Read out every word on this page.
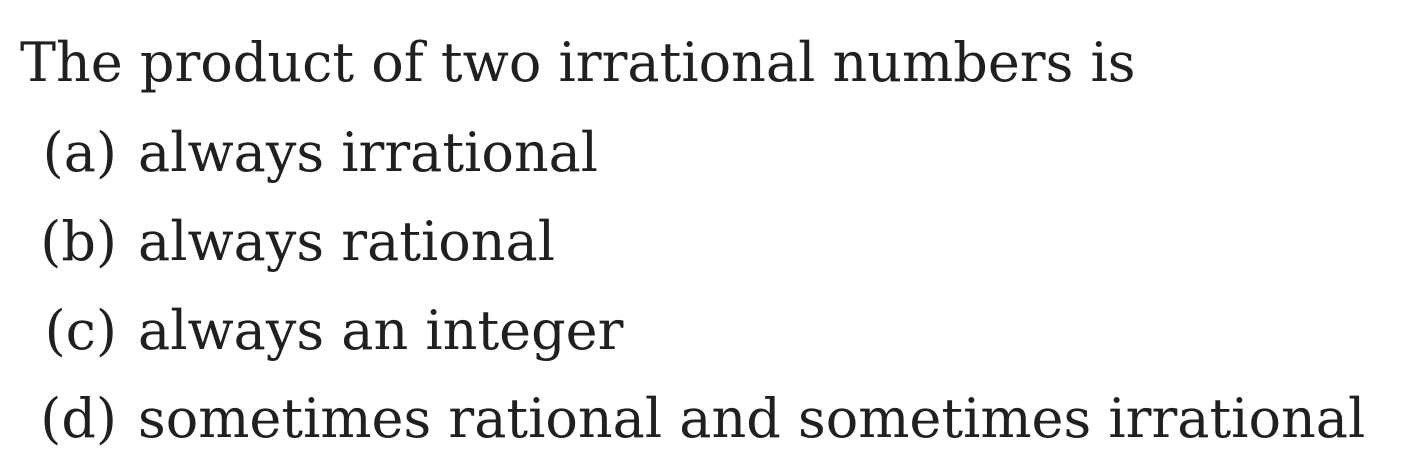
The product of two irrational numbers is
(a) always irrational
(b) always rational
(c) always an integer
(d) sometimes rational and sometimes irrational
